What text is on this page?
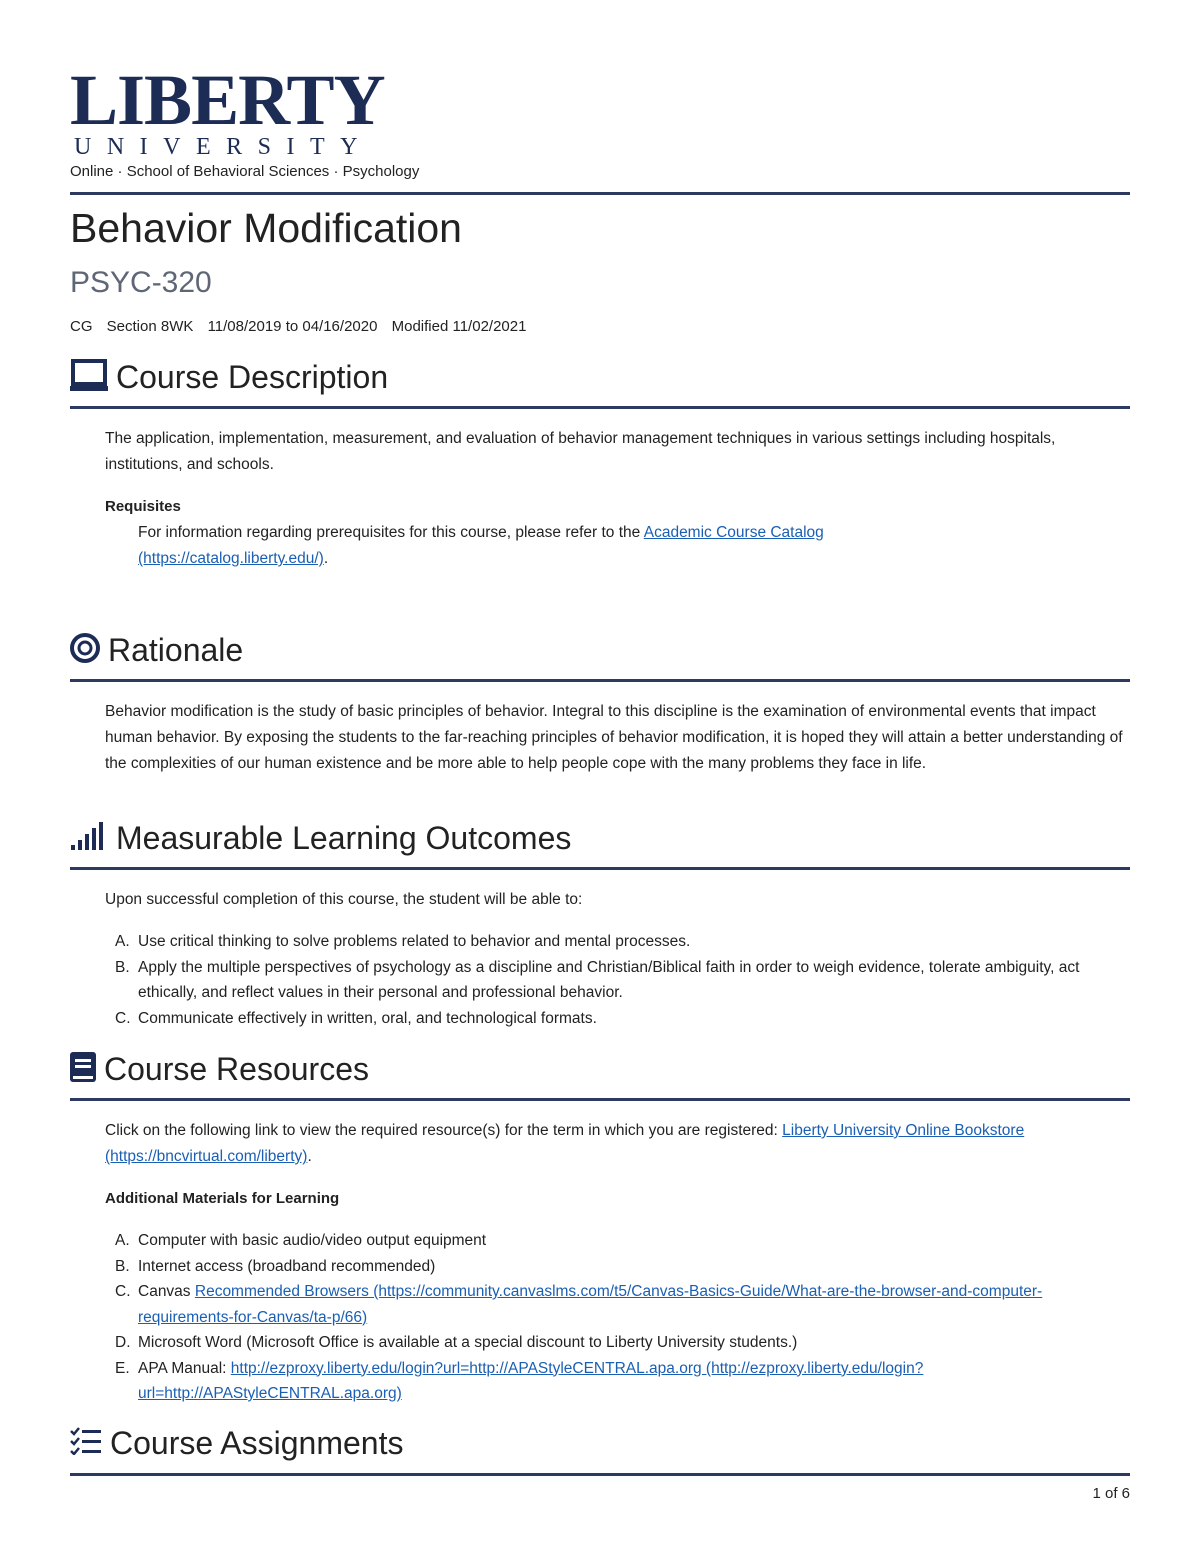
LIBERTY
UNIVERSITY
Online · School of Behavioral Sciences · Psychology
Behavior Modification
PSYC-320
CG Section 8WK 11/08/2019 to 04/16/2020 Modified 11/02/2021
Course Description
The application, implementation, measurement, and evaluation of behavior management techniques in various settings including hospitals, institutions, and schools.
Requisites
For information regarding prerequisites for this course, please refer to the Academic Course Catalog (https://catalog.liberty.edu/).
Rationale
Behavior modification is the study of basic principles of behavior. Integral to this discipline is the examination of environmental events that impact human behavior. By exposing the students to the far-reaching principles of behavior modification, it is hoped they will attain a better understanding of the complexities of our human existence and be more able to help people cope with the many problems they face in life.
Measurable Learning Outcomes
Upon successful completion of this course, the student will be able to:
A. Use critical thinking to solve problems related to behavior and mental processes.
B. Apply the multiple perspectives of psychology as a discipline and Christian/Biblical faith in order to weigh evidence, tolerate ambiguity, act ethically, and reflect values in their personal and professional behavior.
C. Communicate effectively in written, oral, and technological formats.
Course Resources
Click on the following link to view the required resource(s) for the term in which you are registered: Liberty University Online Bookstore (https://bncvirtual.com/liberty).
Additional Materials for Learning
A. Computer with basic audio/video output equipment
B. Internet access (broadband recommended)
C. Canvas Recommended Browsers (https://community.canvaslms.com/t5/Canvas-Basics-Guide/What-are-the-browser-and-computer-requirements-for-Canvas/ta-p/66)
D. Microsoft Word (Microsoft Office is available at a special discount to Liberty University students.)
E. APA Manual: http://ezproxy.liberty.edu/login?url=http://APAStyleCENTRAL.apa.org (http://ezproxy.liberty.edu/login?url=http://APAStyleCENTRAL.apa.org)
Course Assignments
1 of 6
